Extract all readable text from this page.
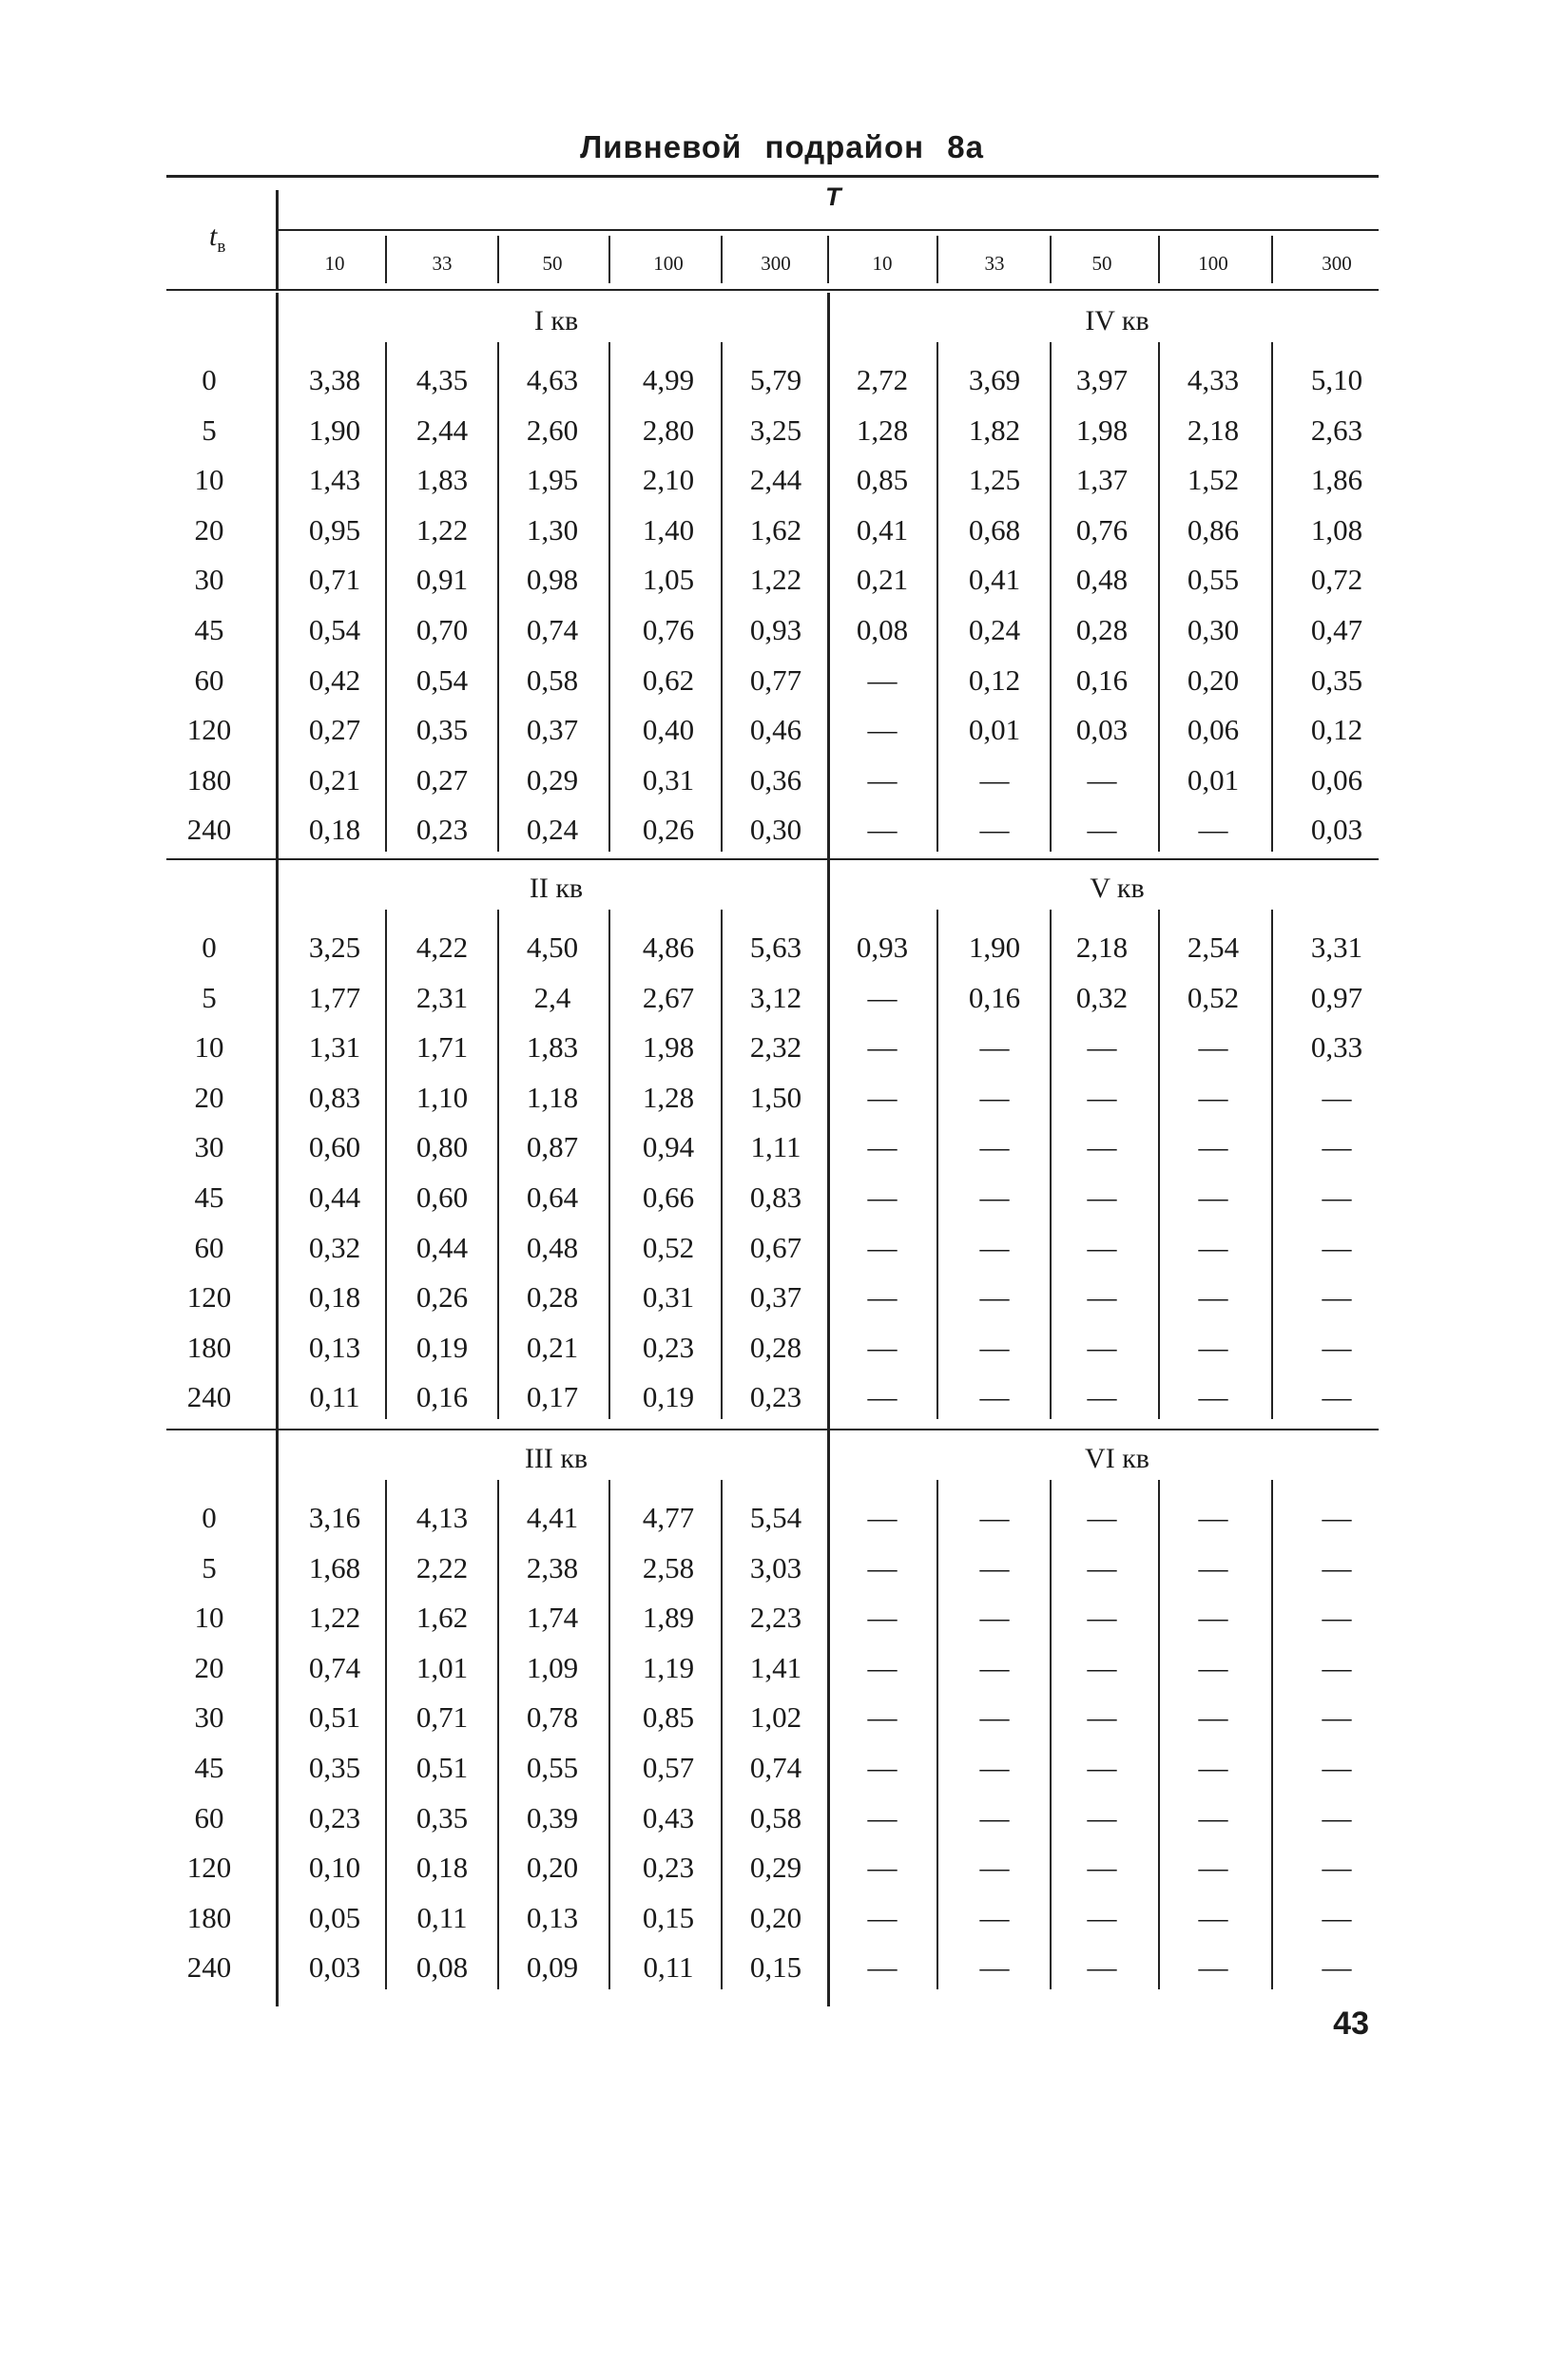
Ливневой подрайон 8а
$t_в$
T
10	33	50	100	300	10	33	50	100	300
I кв	IV кв
0	3,38	4,35	4,63	4,99	5,79	2,72	3,69	3,97	4,33	5,10
5	1,90	2,44	2,60	2,80	3,25	1,28	1,82	1,98	2,18	2,63
10	1,43	1,83	1,95	2,10	2,44	0,85	1,25	1,37	1,52	1,86
20	0,95	1,22	1,30	1,40	1,62	0,41	0,68	0,76	0,86	1,08
30	0,71	0,91	0,98	1,05	1,22	0,21	0,41	0,48	0,55	0,72
45	0,54	0,70	0,74	0,76	0,93	0,08	0,24	0,28	0,30	0,47
60	0,42	0,54	0,58	0,62	0,77	—	0,12	0,16	0,20	0,35
120	0,27	0,35	0,37	0,40	0,46	—	0,01	0,03	0,06	0,12
180	0,21	0,27	0,29	0,31	0,36	—	—	—	0,01	0,06
240	0,18	0,23	0,24	0,26	0,30	—	—	—	—	0,03
II кв	V кв
0	3,25	4,22	4,50	4,86	5,63	0,93	1,90	2,18	2,54	3,31
5	1,77	2,31	2,4	2,67	3,12	—	0,16	0,32	0,52	0,97
10	1,31	1,71	1,83	1,98	2,32	—	—	—	—	0,33
20	0,83	1,10	1,18	1,28	1,50	—	—	—	—	—
30	0,60	0,80	0,87	0,94	1,11	—	—	—	—	—
45	0,44	0,60	0,64	0,66	0,83	—	—	—	—	—
60	0,32	0,44	0,48	0,52	0,67	—	—	—	—	—
120	0,18	0,26	0,28	0,31	0,37	—	—	—	—	—
180	0,13	0,19	0,21	0,23	0,28	—	—	—	—	—
240	0,11	0,16	0,17	0,19	0,23	—	—	—	—	—
III кв	VI кв
0	3,16	4,13	4,41	4,77	5,54	—	—	—	—	—
5	1,68	2,22	2,38	2,58	3,03	—	—	—	—	—
10	1,22	1,62	1,74	1,89	2,23	—	—	—	—	—
20	0,74	1,01	1,09	1,19	1,41	—	—	—	—	—
30	0,51	0,71	0,78	0,85	1,02	—	—	—	—	—
45	0,35	0,51	0,55	0,57	0,74	—	—	—	—	—
60	0,23	0,35	0,39	0,43	0,58	—	—	—	—	—
120	0,10	0,18	0,20	0,23	0,29	—	—	—	—	—
180	0,05	0,11	0,13	0,15	0,20	—	—	—	—	—
240	0,03	0,08	0,09	0,11	0,15	—	—	—	—	—
43
